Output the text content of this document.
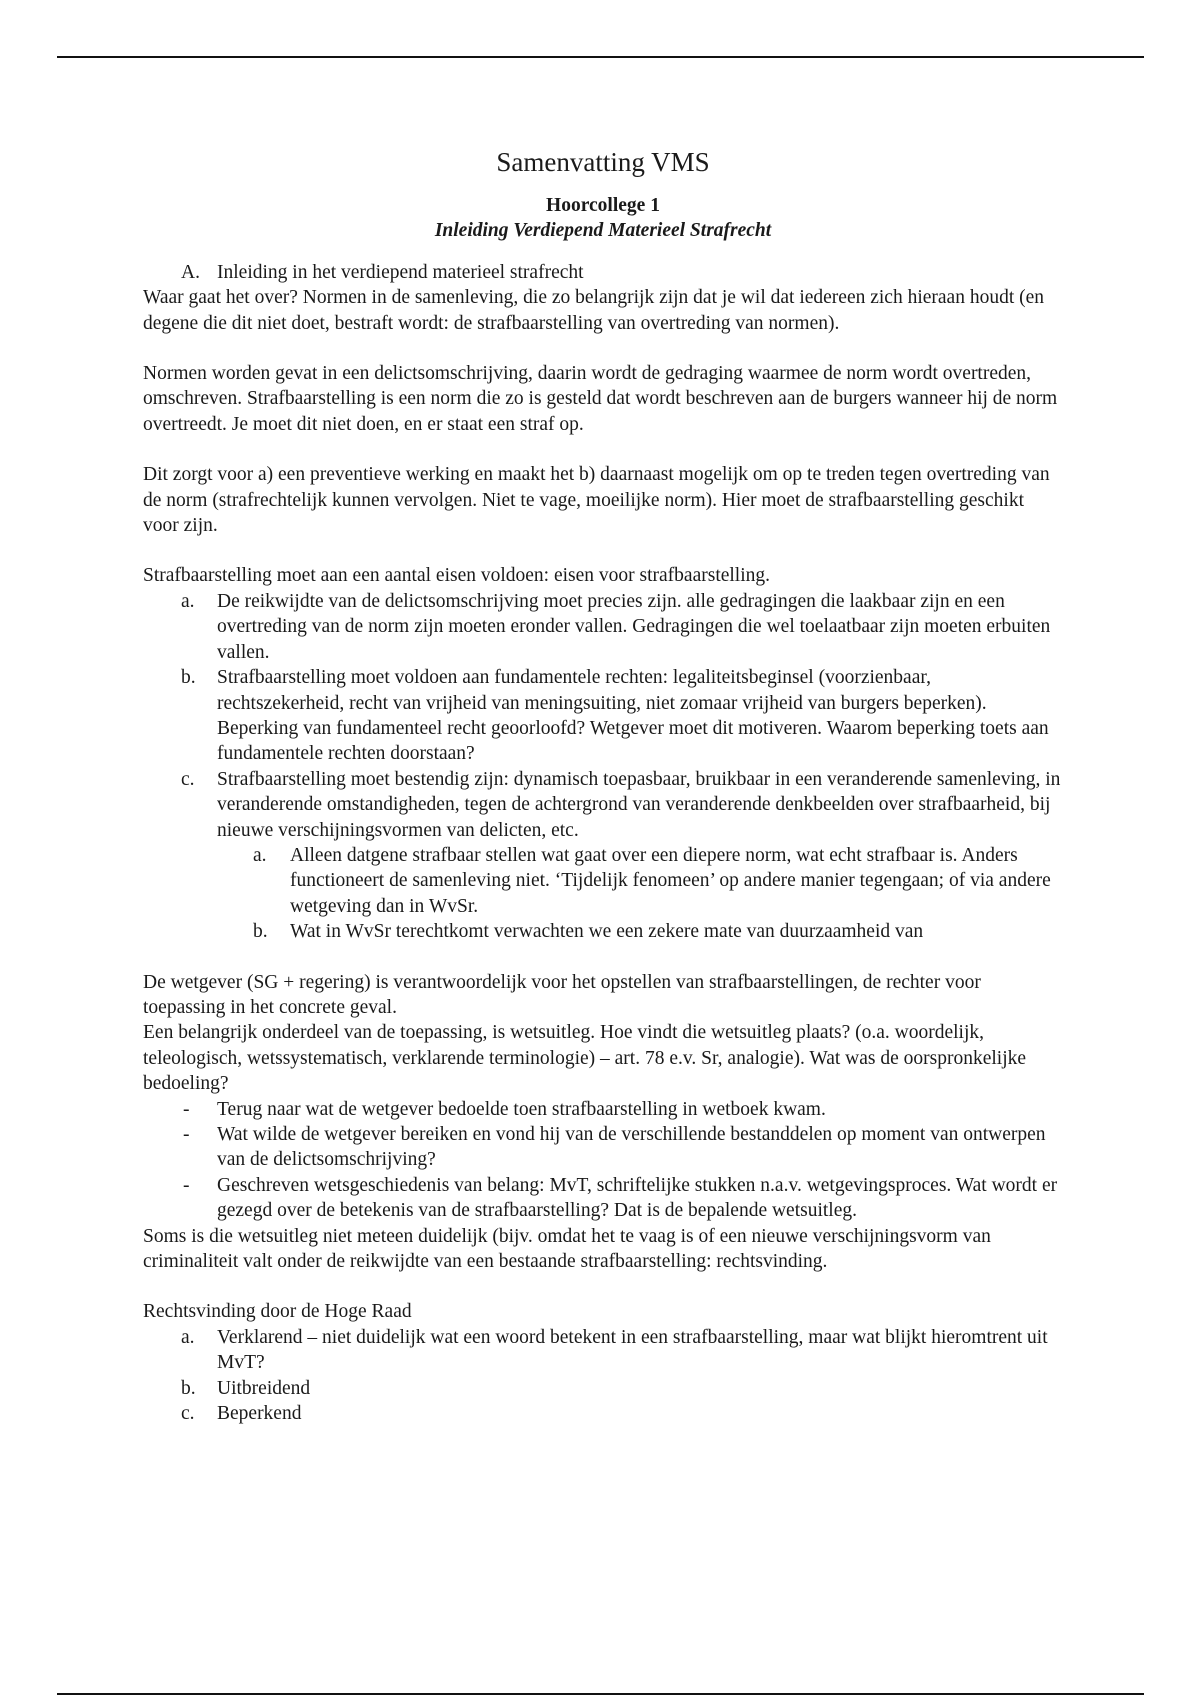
Samenvatting VMS

Hoorcollege 1

Inleiding Verdiepend Materieel Strafrecht

A. Inleiding in het verdiepend materieel strafrecht

Waar gaat het over? Normen in de samenleving, die zo belangrijk zijn dat je wil dat iedereen zich hieraan houdt (en degene die dit niet doet, bestraft wordt: de strafbaarstelling van overtreding van normen).

Normen worden gevat in een delictsomschrijving, daarin wordt de gedraging waarmee de norm wordt overtreden, omschreven. Strafbaarstelling is een norm die zo is gesteld dat wordt beschreven aan de burgers wanneer hij de norm overtreedt. Je moet dit niet doen, en er staat een straf op.

Dit zorgt voor a) een preventieve werking en maakt het b) daarnaast mogelijk om op te treden tegen overtreding van de norm (strafrechtelijk kunnen vervolgen. Niet te vage, moeilijke norm). Hier moet de strafbaarstelling geschikt voor zijn.

Strafbaarstelling moet aan een aantal eisen voldoen: eisen voor strafbaarstelling.

a. De reikwijdte van de delictsomschrijving moet precies zijn. alle gedragingen die laakbaar zijn en een overtreding van de norm zijn moeten eronder vallen. Gedragingen die wel toelaatbaar zijn moeten erbuiten vallen.
b. Strafbaarstelling moet voldoen aan fundamentele rechten: legaliteitsbeginsel (voorzienbaar, rechtszekerheid, recht van vrijheid van meningsuiting, niet zomaar vrijheid van burgers beperken). Beperking van fundamenteel recht geoorloofd? Wetgever moet dit motiveren. Waarom beperking toets aan fundamentele rechten doorstaan?
c. Strafbaarstelling moet bestendig zijn: dynamisch toepasbaar, bruikbaar in een veranderende samenleving, in veranderende omstandigheden, tegen de achtergrond van veranderende denkbeelden over strafbaarheid, bij nieuwe verschijningsvormen van delicten, etc.
a. Alleen datgene strafbaar stellen wat gaat over een diepere norm, wat echt strafbaar is. Anders functioneert de samenleving niet. ‘Tijdelijk fenomeen’ op andere manier tegengaan; of via andere wetgeving dan in WvSr.
b. Wat in WvSr terechtkomt verwachten we een zekere mate van duurzaamheid van

De wetgever (SG + regering) is verantwoordelijk voor het opstellen van strafbaarstellingen, de rechter voor toepassing in het concrete geval.

Een belangrijk onderdeel van de toepassing, is wetsuitleg. Hoe vindt die wetsuitleg plaats? (o.a. woordelijk, teleologisch, wetssystematisch, verklarende terminologie) – art. 78 e.v. Sr, analogie). Wat was de oorspronkelijke bedoeling?

- Terug naar wat de wetgever bedoelde toen strafbaarstelling in wetboek kwam.
- Wat wilde de wetgever bereiken en vond hij van de verschillende bestanddelen op moment van ontwerpen van de delictsomschrijving?
- Geschreven wetsgeschiedenis van belang: MvT, schriftelijke stukken n.a.v. wetgevingsproces. Wat wordt er gezegd over de betekenis van de strafbaarstelling? Dat is de bepalende wetsuitleg.

Soms is die wetsuitleg niet meteen duidelijk (bijv. omdat het te vaag is of een nieuwe verschijningsvorm van criminaliteit valt onder de reikwijdte van een bestaande strafbaarstelling: rechtsvinding.

Rechtsvinding door de Hoge Raad

a. Verklarend – niet duidelijk wat een woord betekent in een strafbaarstelling, maar wat blijkt hieromtrent uit MvT?
b. Uitbreidend
c. Beperkend
